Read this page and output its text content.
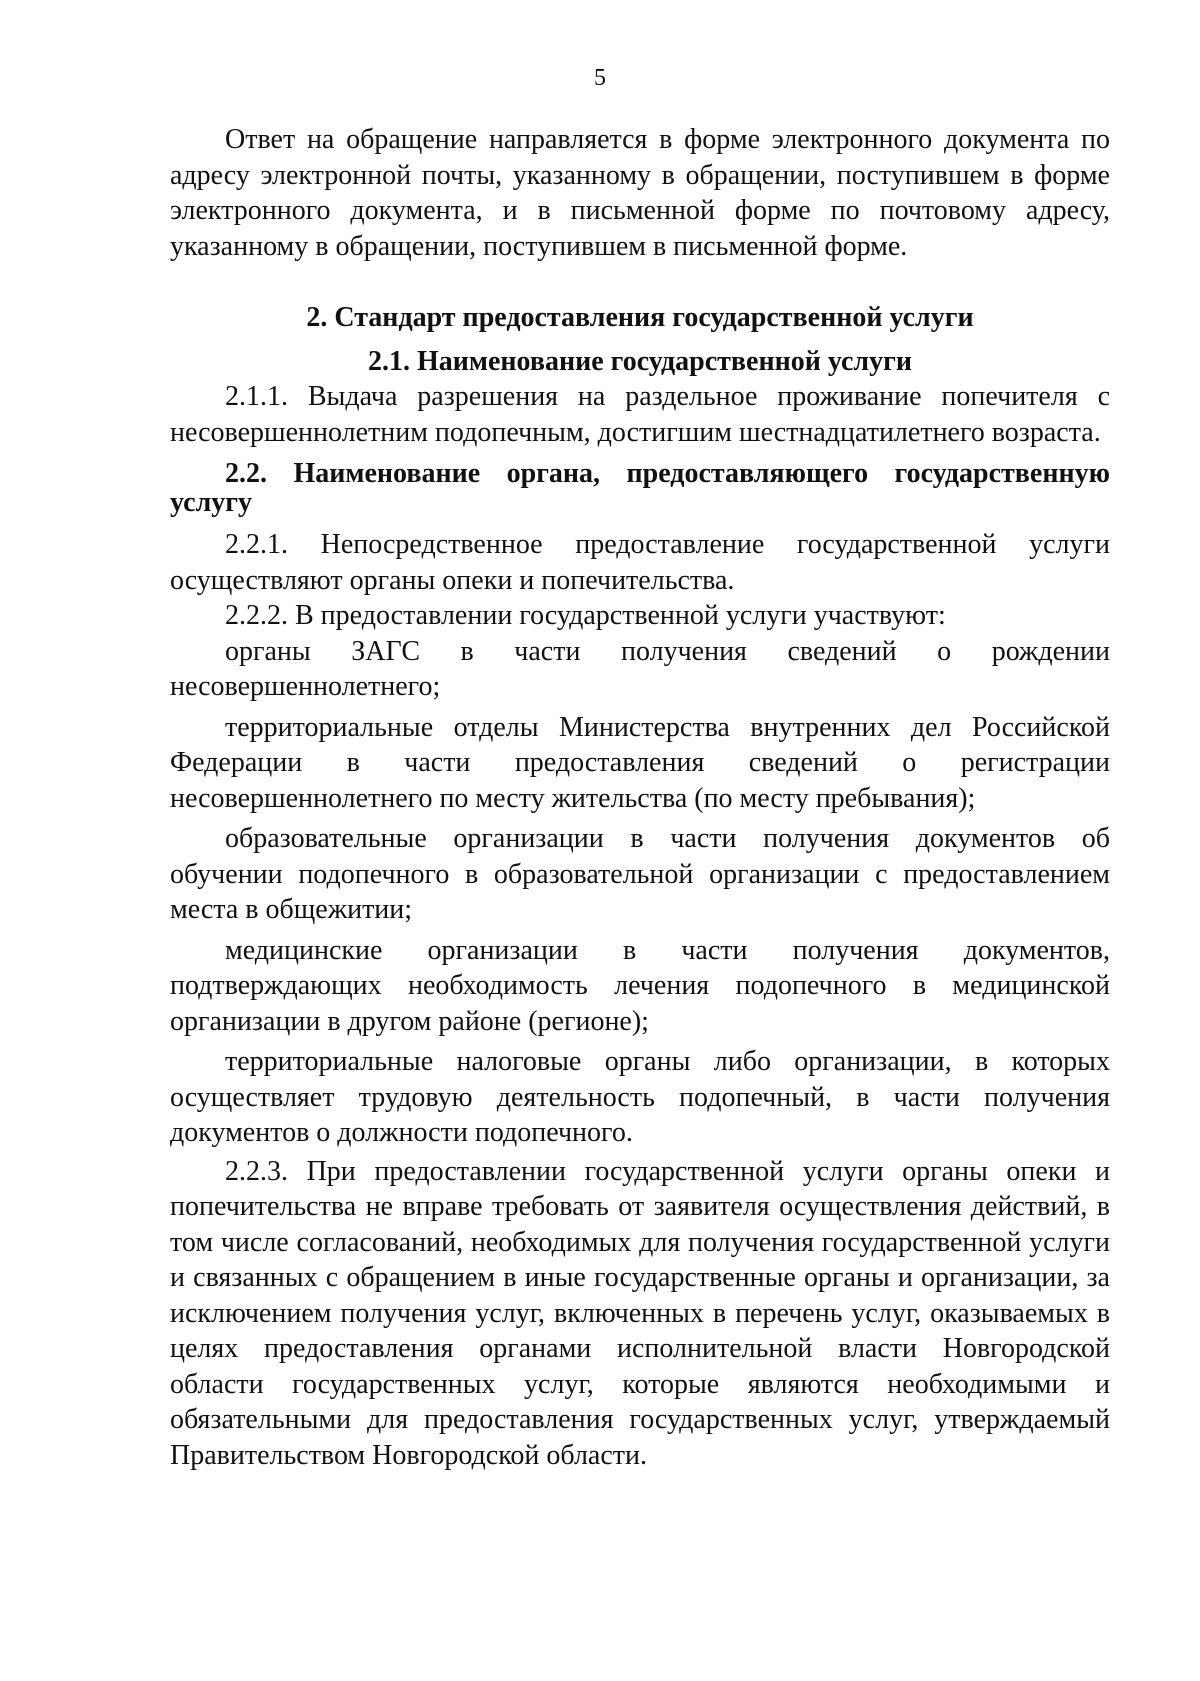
5

Ответ на обращение направляется в форме электронного документа по адресу электронной почты, указанному в обращении, поступившем в форме электронного документа, и в письменной форме по почтовому адресу, указанному в обращении, поступившем в письменной форме.

2. Стандарт предоставления государственной услуги

2.1. Наименование государственной услуги

2.1.1. Выдача разрешения на раздельное проживание попечителя с несовершеннолетним подопечным, достигшим шестнадцатилетнего возраста.

2.2. Наименование органа, предоставляющего государственную услугу

2.2.1. Непосредственное предоставление государственной услуги осуществляют органы опеки и попечительства.

2.2.2. В предоставлении государственной услуги участвуют:

органы ЗАГС в части получения сведений о рождении несовершеннолетнего;

территориальные отделы Министерства внутренних дел Российской Федерации в части предоставления сведений о регистрации несовершеннолетнего по месту жительства (по месту пребывания);

образовательные организации в части получения документов об обучении подопечного в образовательной организации с предоставлением места в общежитии;

медицинские организации в части получения документов, подтверждающих необходимость лечения подопечного в медицинской организации в другом районе (регионе);

территориальные налоговые органы либо организации, в которых осуществляет трудовую деятельность подопечный, в части получения документов о должности подопечного.

2.2.3. При предоставлении государственной услуги органы опеки и попечительства не вправе требовать от заявителя осуществления действий, в том числе согласований, необходимых для получения государственной услуги и связанных с обращением в иные государственные органы и организации, за исключением получения услуг, включенных в перечень услуг, оказываемых в целях предоставления органами исполнительной власти Новгородской области государственных услуг, которые являются необходимыми и обязательными для предоставления государственных услуг, утверждаемый Правительством Новгородской области.
